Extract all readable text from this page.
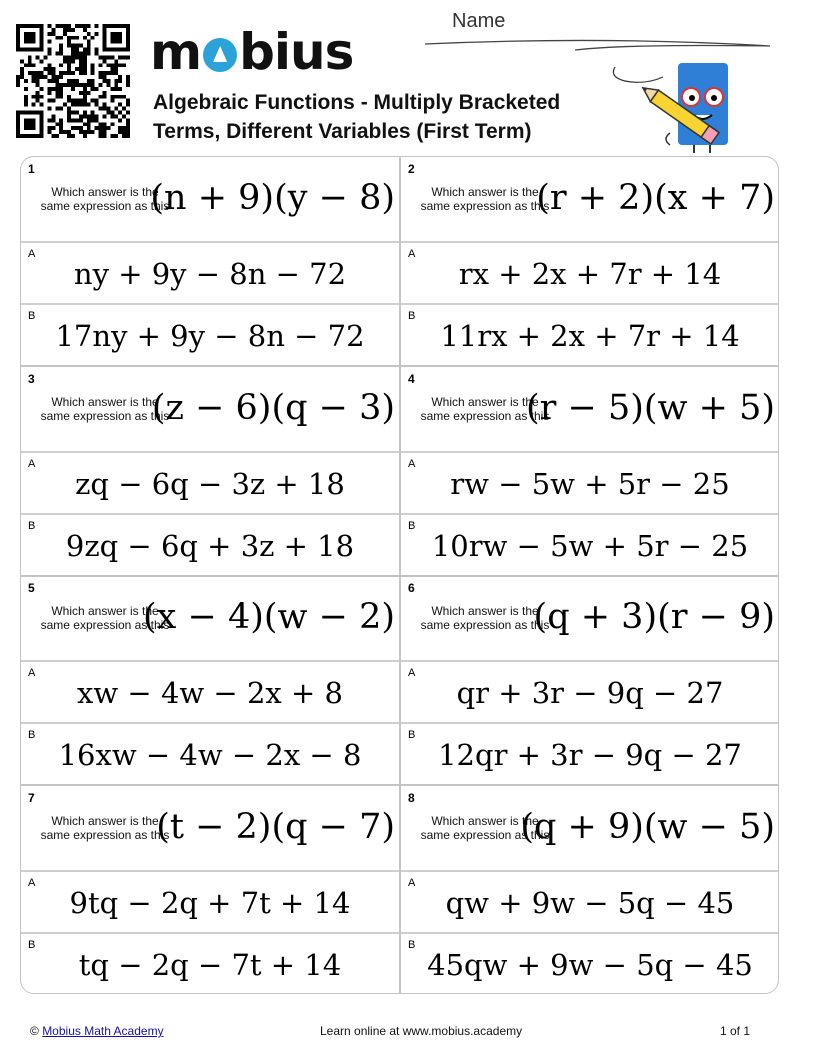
m bius
Algebraic Functions - Multiply Bracketed
Terms, Different Variables (First Term)
Name
1
Which answer is the same expression as this
(n + 9)(y − 8)
A
ny + 9y − 8n − 72
B
17ny + 9y − 8n − 72
3
Which answer is the same expression as this
(z − 6)(q − 3)
A
zq − 6q − 3z + 18
B
9zq − 6q + 3z + 18
5
Which answer is the same expression as this
(x − 4)(w − 2)
A
xw − 4w − 2x + 8
B
16xw − 4w − 2x − 8
7
Which answer is the same expression as this
(t − 2)(q − 7)
A
9tq − 2q + 7t + 14
B
tq − 2q − 7t + 14
2
Which answer is the same expression as this
(r + 2)(x + 7)
A
rx + 2x + 7r + 14
B
11rx + 2x + 7r + 14
4
Which answer is the same expression as this
(r − 5)(w + 5)
A
rw − 5w + 5r − 25
B
10rw − 5w + 5r − 25
6
Which answer is the same expression as this
(q + 3)(r − 9)
A
qr + 3r − 9q − 27
B
12qr + 3r − 9q − 27
8
Which answer is the same expression as this
(q + 9)(w − 5)
A
qw + 9w − 5q − 45
B
45qw + 9w − 5q − 45
© Mobius Math Academy	Learn online at www.mobius.academy	1 of 1
